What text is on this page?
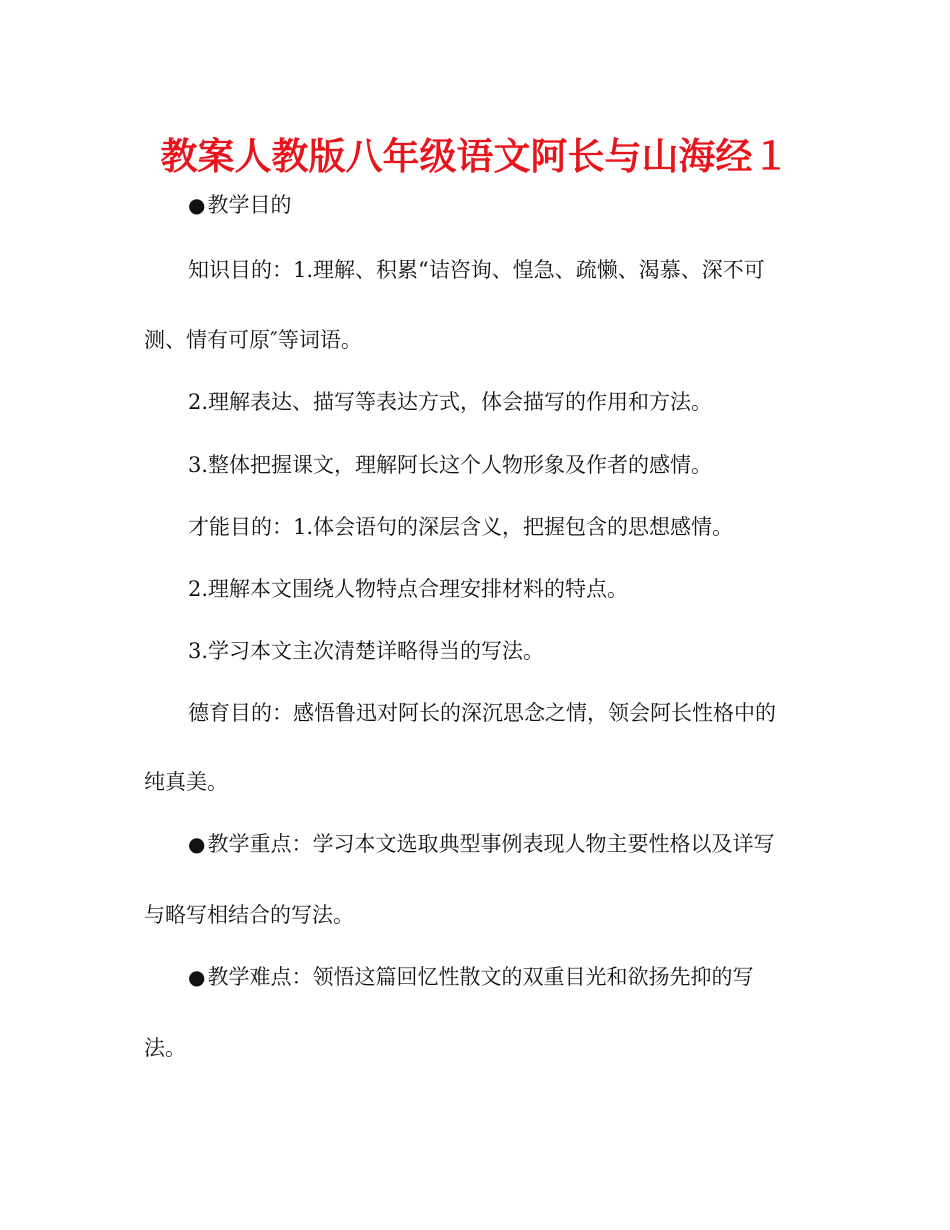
教案人教版八年级语文阿长与山海经１

●教学目的

知识目的：1.理解、积累“诘咨询、惶急、疏懒、渴慕、深不可

测、情有可原″等词语。

2.理解表达、描写等表达方式，体会描写的作用和方法。

3.整体把握课文，理解阿长这个人物形象及作者的感情。

才能目的：1.体会语句的深层含义，把握包含的思想感情。

2.理解本文围绕人物特点合理安排材料的特点。

3.学习本文主次清楚详略得当的写法。

德育目的：感悟鲁迅对阿长的深沉思念之情，领会阿长性格中的

纯真美。

●教学重点：学习本文选取典型事例表现人物主要性格以及详写

与略写相结合的写法。

●教学难点：领悟这篇回忆性散文的双重目光和欲扬先抑的写

法。
